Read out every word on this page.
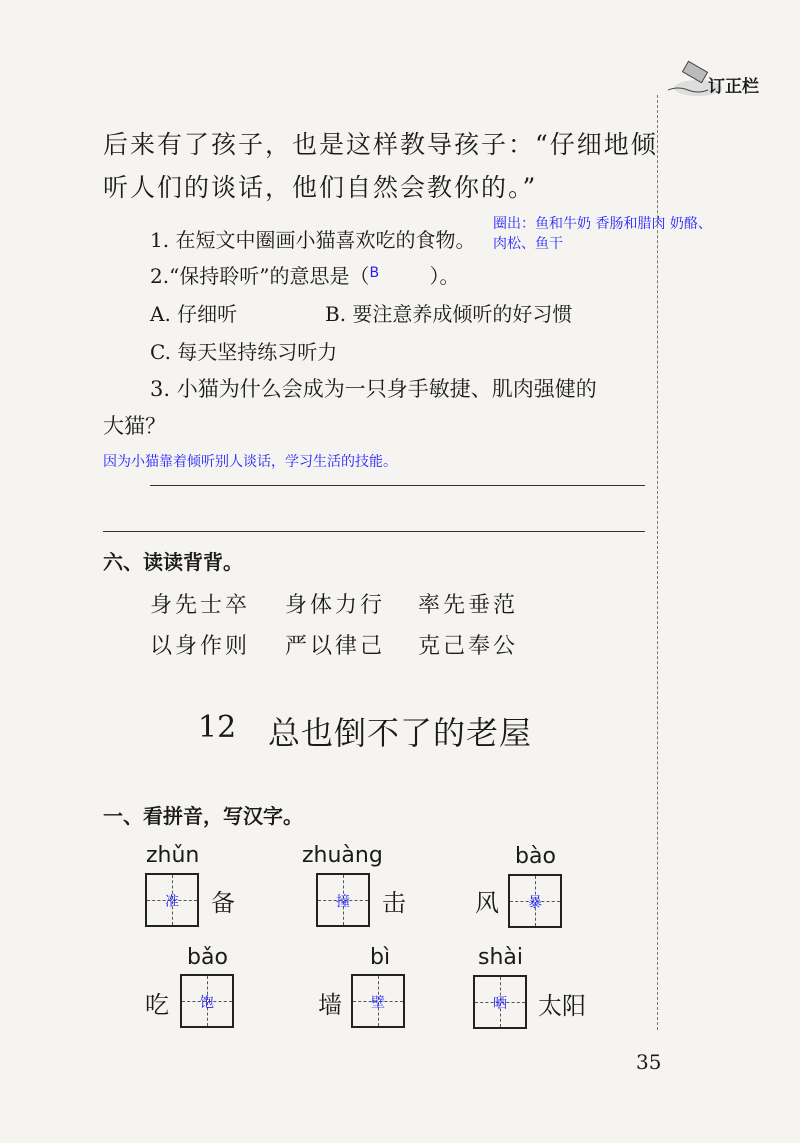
订正栏
后来有了孩子，也是这样教导孩子：“仔细地倾
听人们的谈话，他们自然会教你的。”
1. 在短文中圈画小猫喜欢吃的食物。
圈出：鱼和牛奶 香肠和腊肉 奶酪、
肉松、鱼干
2.“保持聆听”的意思是（B	）。
A. 仔细听	B. 要注意养成倾听的好习惯
C. 每天坚持练习听力
3. 小猫为什么会成为一只身手敏捷、肌肉强健的
大猫？
因为小猫靠着倾听别人谈话，学习生活的技能。
六、读读背背。
身先士卒 身体力行 率先垂范
以身作则 严以律己 克己奉公
12 总也倒不了的老屋
一、看拼音，写汉字。
zhǔn
准	备
zhuàng
撞	击
bào
风	暴
bǎo
吃	饱
bì
墙	壁
shài
晒	太阳
35
